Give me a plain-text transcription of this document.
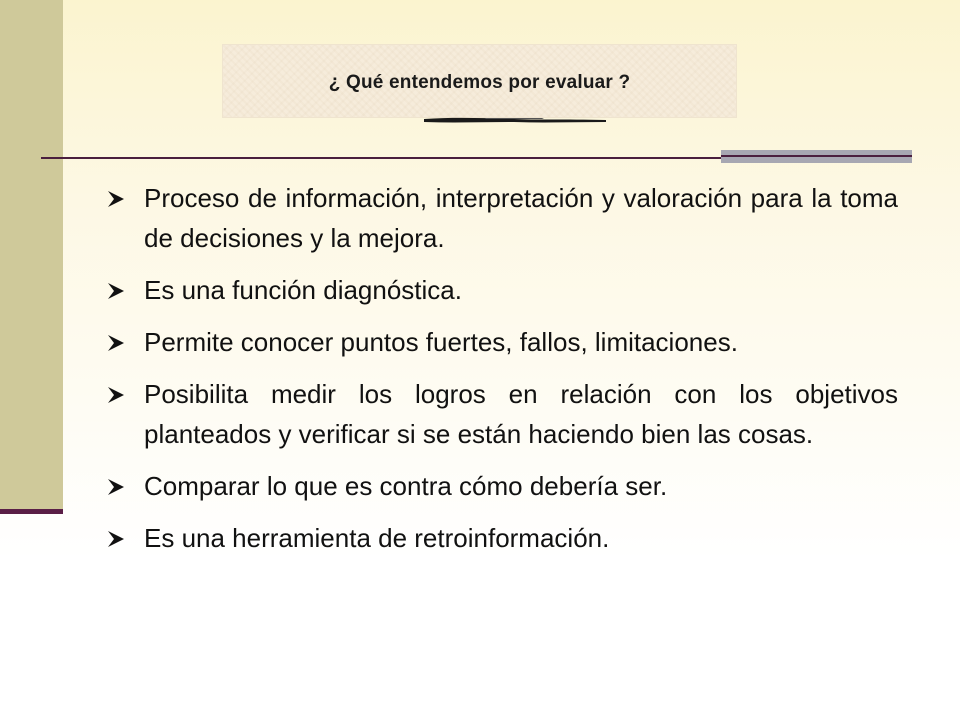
¿ Qué entendemos por evaluar ?
Proceso de información, interpretación y valoración para la toma de decisiones y la mejora.
Es una función diagnóstica.
Permite conocer puntos fuertes, fallos, limitaciones.
Posibilita medir los logros en relación con los objetivos planteados y verificar si se están haciendo bien las cosas.
Comparar lo que es contra cómo debería ser.
Es una herramienta de retroinformación.
